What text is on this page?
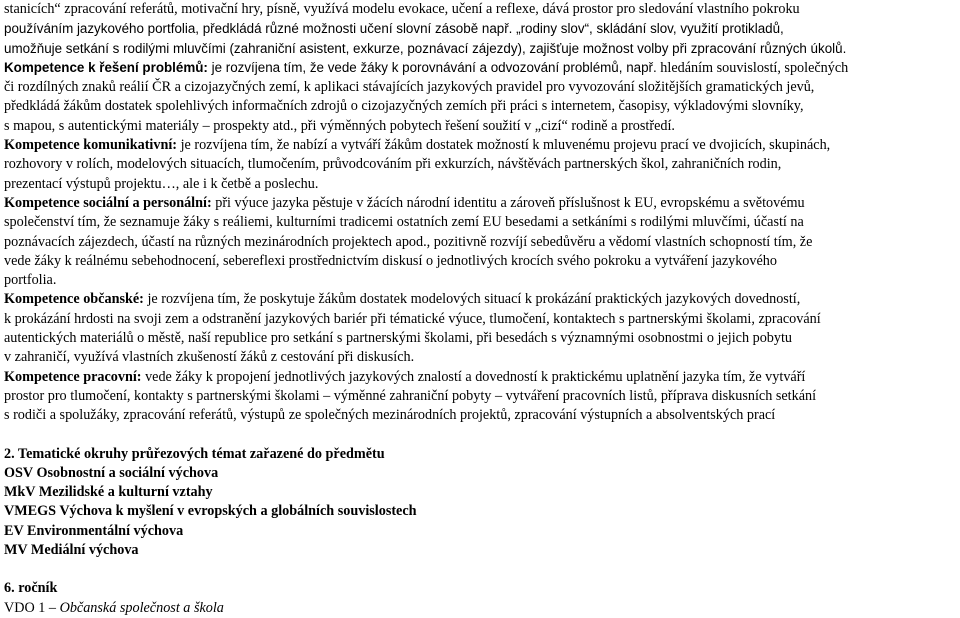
stanicích“ zpracování referátů, motivační hry, písně, využívá modelu evokace, učení a reflexe, dává prostor pro sledování vlastního pokroku

používáním jazykového portfolia, předkládá různé možnosti učení slovní zásobě např. „rodiny slov“, skládání slov, využití protikladů,

umožňuje setkání s rodilými mluvčími (zahraniční asistent, exkurze, poznávací zájezdy), zajišťuje možnost volby při zpracování různých úkolů.

Kompetence k řešení problémů: je rozvíjena tím, že vede žáky k porovnávání a odvozování problémů, např. hledáním souvislostí, společných

či rozdílných znaků reálií ČR a cizojazyčných zemí, k aplikaci stávajících jazykových pravidel pro vyvozování složitějších gramatických jevů,

předkládá žákům dostatek spolehlivých informačních zdrojů o cizojazyčných zemích při práci s internetem, časopisy, výkladovými slovníky,

s mapou, s autentickými materiály – prospekty atd., při výměnných pobytech řešení soužití v „cizí“ rodině a prostředí.

Kompetence komunikativní: je rozvíjena tím, že nabízí a vytváří žákům dostatek možností k mluvenému projevu prací ve dvojicích, skupinách,

rozhovory v rolích, modelových situacích, tlumočením, průvodcováním při exkurzích, návštěvách partnerských škol, zahraničních rodin,

prezentací výstupů projektu…, ale i k četbě a poslechu.

Kompetence sociální a personální: při výuce jazyka pěstuje v žácích národní identitu a zároveň příslušnost k EU, evropskému a světovému

společenství tím, že seznamuje žáky s reáliemi, kulturními tradicemi ostatních zemí EU besedami a setkáními s rodilými mluvčími, účastí na

poznávacích zájezdech, účastí na různých mezinárodních projektech apod., pozitivně rozvíjí sebedůvěru a vědomí vlastních schopností tím, že

vede žáky k reálnému sebehodnocení, sebereflexi prostřednictvím diskusí o jednotlivých krocích svého pokroku a vytváření jazykového

portfolia.

Kompetence občanské: je rozvíjena tím, že poskytuje žákům dostatek modelových situací k prokázání praktických jazykových dovedností,

k prokázání hrdosti na svoji zem a odstranění jazykových bariér při tématické výuce, tlumočení, kontaktech s partnerskými školami, zpracování

autentických materiálů o městě, naší republice pro setkání s partnerskými školami, při besedách s významnými osobnostmi o jejich pobytu

v zahraničí, využívá vlastních zkušeností žáků z cestování při diskusích.

Kompetence pracovní: vede žáky k propojení jednotlivých jazykových znalostí a dovedností k praktickému uplatnění jazyka tím, že vytváří

prostor pro tlumočení, kontakty s partnerskými školami – výměnné zahraniční pobyty – vytváření pracovních listů, příprava diskusních setkání

s rodiči a spolužáky, zpracování referátů, výstupů ze společných mezinárodních projektů, zpracování výstupních a absolventských prací

2. Tematické okruhy průřezových témat zařazené do předmětu

OSV Osobnostní a sociální výchova

MkV Mezilidské a kulturní vztahy

VMEGS Výchova k myšlení v evropských a globálních souvislostech

EV Environmentální výchova

MV Mediální výchova

6. ročník

VDO 1 – Občanská společnost a škola
